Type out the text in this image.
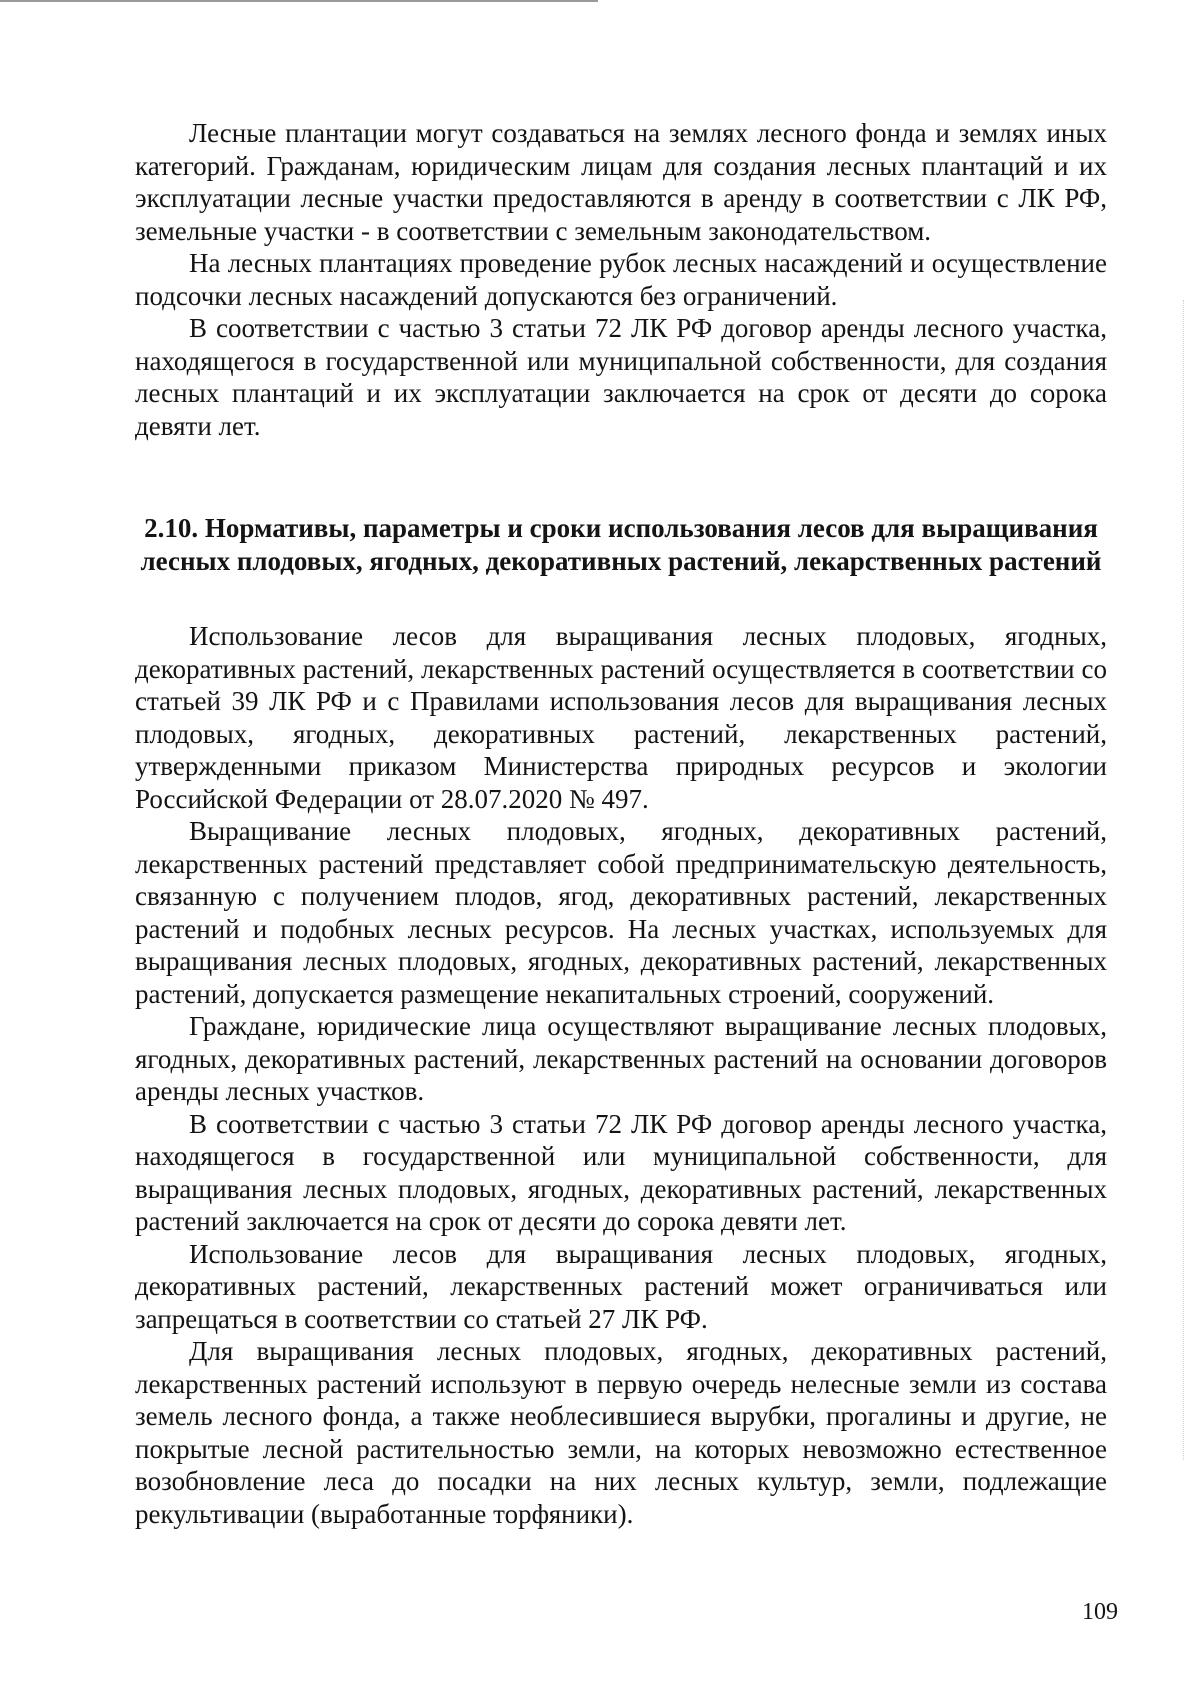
Лесные плантации могут создаваться на землях лесного фонда и землях иных категорий. Гражданам, юридическим лицам для создания лесных плантаций и их эксплуатации лесные участки предоставляются в аренду в соответствии с ЛК РФ, земельные участки - в соответствии с земельным законодательством.

На лесных плантациях проведение рубок лесных насаждений и осуществление подсочки лесных насаждений допускаются без ограничений.

В соответствии с частью 3 статьи 72 ЛК РФ договор аренды лесного участка, находящегося в государственной или муниципальной собственности, для создания лесных плантаций и их эксплуатации заключается на срок от десяти до сорока девяти лет.

2.10. Нормативы, параметры и сроки использования лесов для выращивания лесных плодовых, ягодных, декоративных растений, лекарственных растений

Использование лесов для выращивания лесных плодовых, ягодных, декоративных растений, лекарственных растений осуществляется в соответствии со статьей 39 ЛК РФ и с Правилами использования лесов для выращивания лесных плодовых, ягодных, декоративных растений, лекарственных растений, утвержденными приказом Министерства природных ресурсов и экологии Российской Федерации от 28.07.2020 № 497.

Выращивание лесных плодовых, ягодных, декоративных растений, лекарственных растений представляет собой предпринимательскую деятельность, связанную с получением плодов, ягод, декоративных растений, лекарственных растений и подобных лесных ресурсов. На лесных участках, используемых для выращивания лесных плодовых, ягодных, декоративных растений, лекарственных растений, допускается размещение некапитальных строений, сооружений.

Граждане, юридические лица осуществляют выращивание лесных плодовых, ягодных, декоративных растений, лекарственных растений на основании договоров аренды лесных участков.

В соответствии с частью 3 статьи 72 ЛК РФ договор аренды лесного участка, находящегося в государственной или муниципальной собственности, для выращивания лесных плодовых, ягодных, декоративных растений, лекарственных растений заключается на срок от десяти до сорока девяти лет.

Использование лесов для выращивания лесных плодовых, ягодных, декоративных растений, лекарственных растений может ограничиваться или запрещаться в соответствии со статьей 27 ЛК РФ.

Для выращивания лесных плодовых, ягодных, декоративных растений, лекарственных растений используют в первую очередь нелесные земли из состава земель лесного фонда, а также необлесившиеся вырубки, прогалины и другие, не покрытые лесной растительностью земли, на которых невозможно естественное возобновление леса до посадки на них лесных культур, земли, подлежащие рекультивации (выработанные торфяники).

109
